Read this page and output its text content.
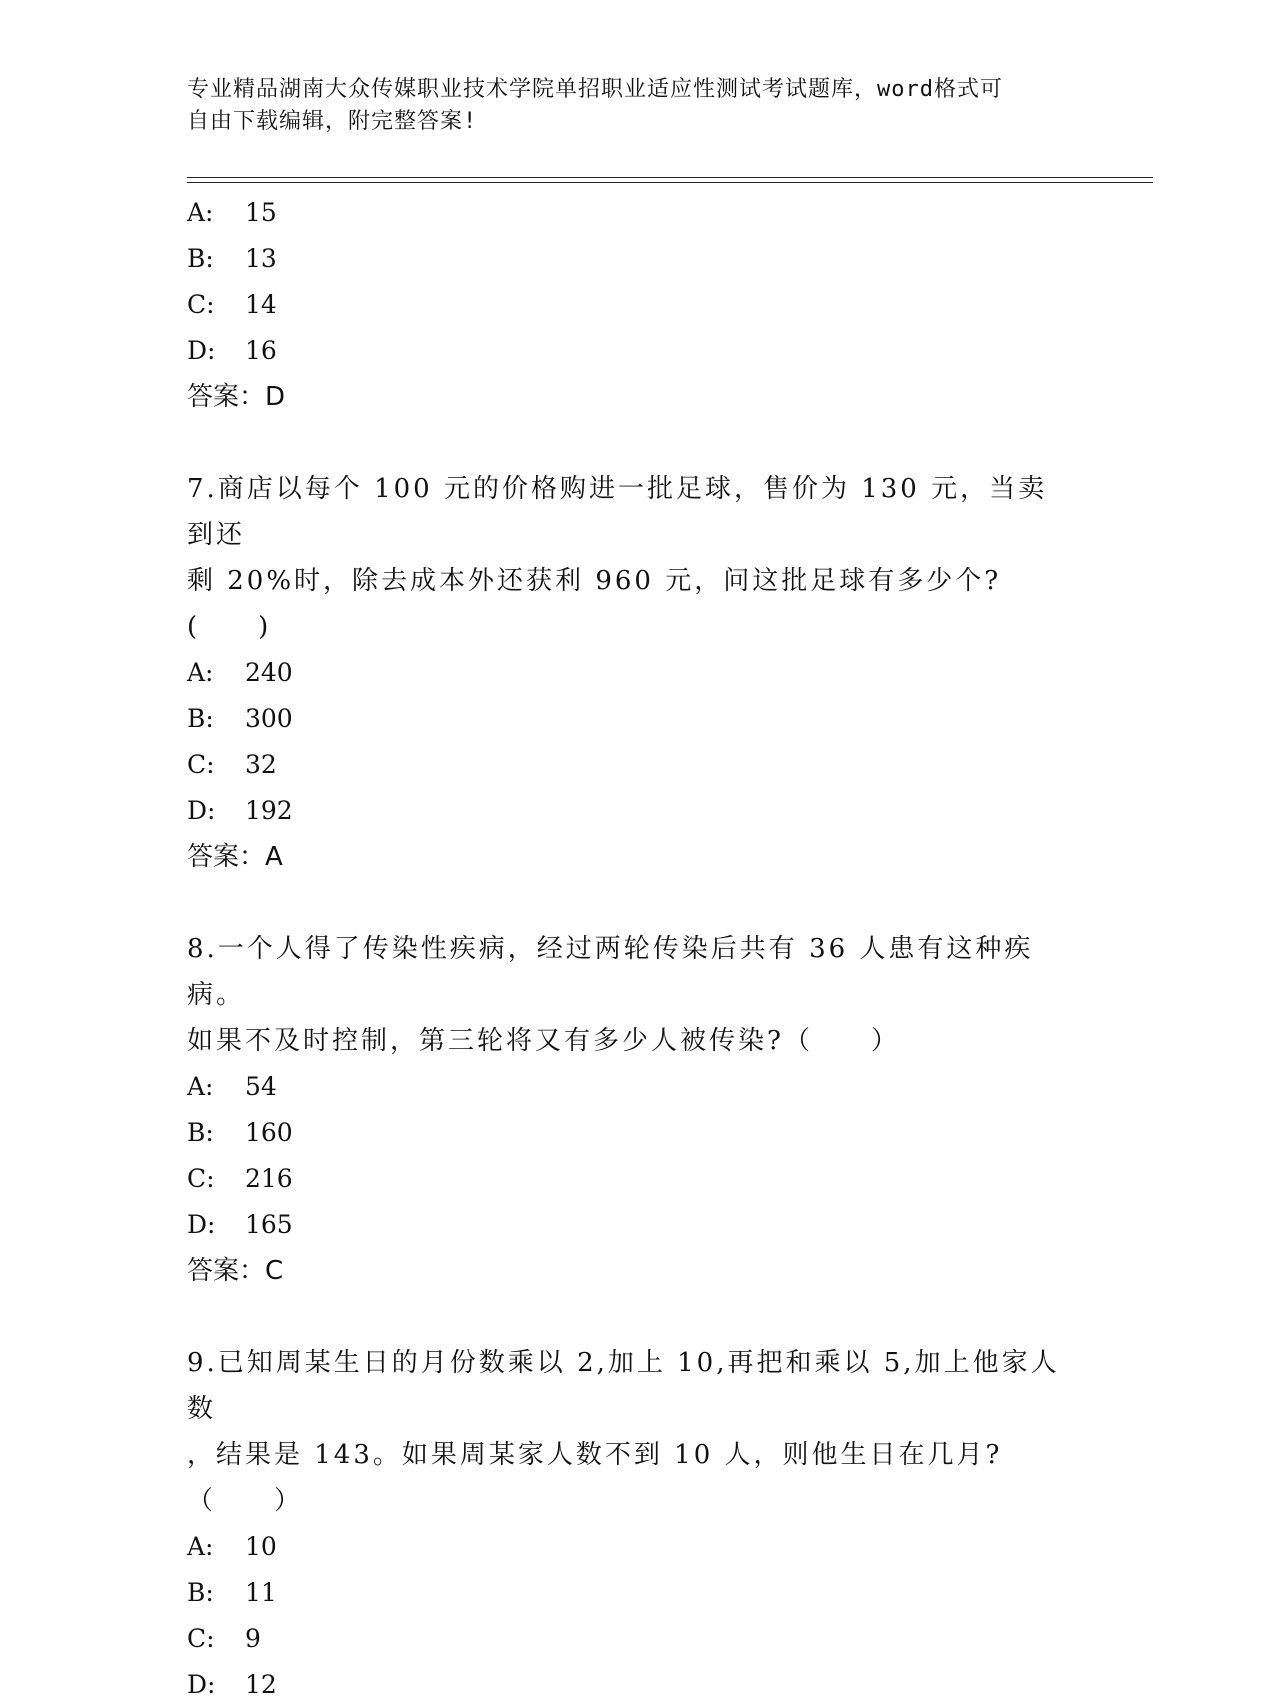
专业精品湖南大众传媒职业技术学院单招职业适应性测试考试题库，word格式可
自由下载编辑，附完整答案!
A: 15
B: 13
C: 14
D: 16
答案：D
7.商店以每个 100 元的价格购进一批足球，售价为 130 元，当卖到还
剩 20%时，除去成本外还获利 960 元，问这批足球有多少个?(　　)
A: 240
B: 300
C: 32
D: 192
答案：A
8.一个人得了传染性疾病，经过两轮传染后共有 36 人患有这种疾病。
如果不及时控制，第三轮将又有多少人被传染?（　　）
A: 54
B: 160
C: 216
D: 165
答案：C
9.已知周某生日的月份数乘以 2,加上 10,再把和乘以 5,加上他家人数
，结果是 143。如果周某家人数不到 10 人，则他生日在几月?（　　）
A: 10
B: 11
C: 9
D: 12
